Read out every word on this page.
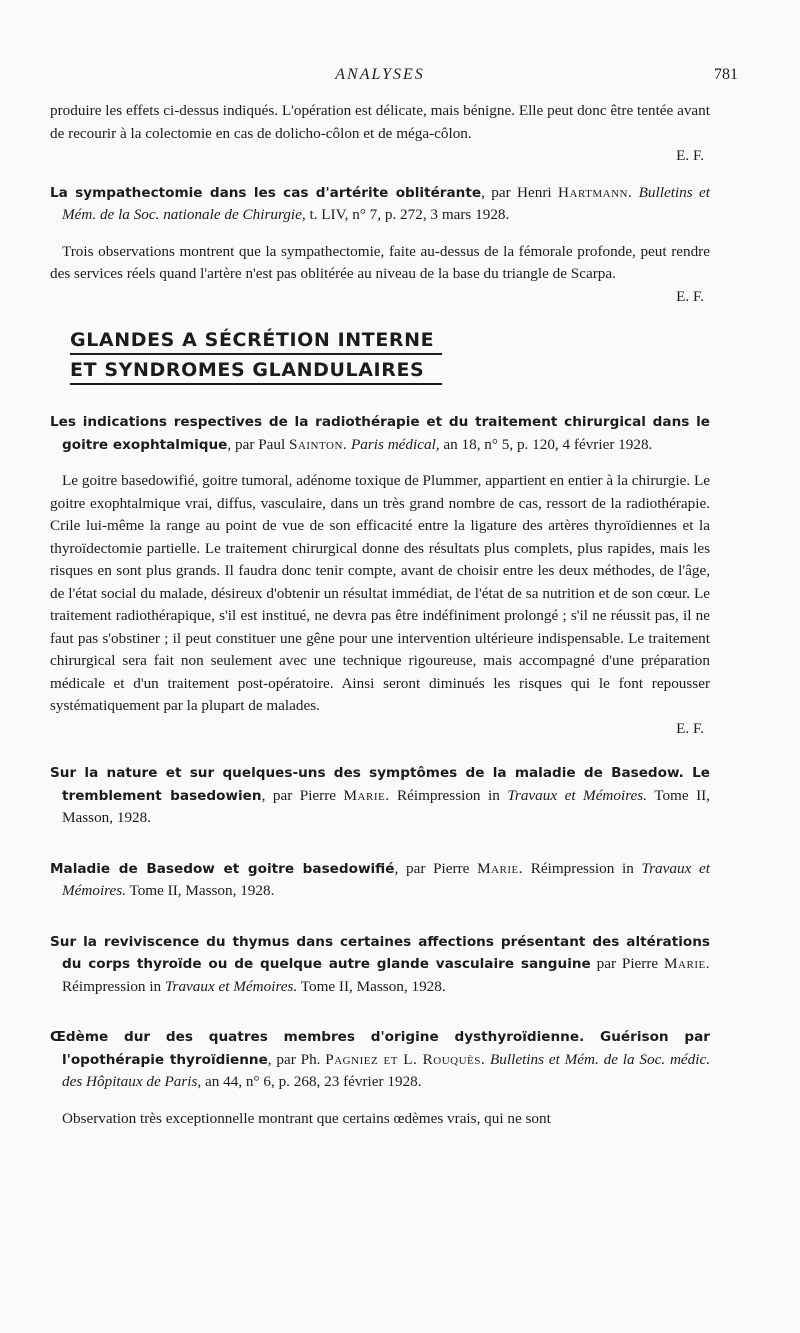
ANALYSES	781

produire les effets ci-dessus indiqués. L'opération est délicate, mais bénigne. Elle peut donc être tentée avant de recourir à la colectomie en cas de dolicho-côlon et de méga-côlon.

E. F.
La sympathectomie dans les cas d'artérite oblitérante, par Henri Hartmann. Bulletins et Mém. de la Soc. nationale de Chirurgie, t. LIV, n° 7, p. 272, 3 mars 1928.

Trois observations montrent que la sympathectomie, faite au-dessus de la fémorale profonde, peut rendre des services réels quand l'artère n'est pas oblitérée au niveau de la base du triangle de Scarpa.

E. F.
GLANDES A SÉCRÉTION INTERNE
ET SYNDROMES GLANDULAIRES
Les indications respectives de la radiothérapie et du traitement chirurgical dans le goitre exophtalmique, par Paul Sainton. Paris médical, an 18, n° 5, p. 120, 4 février 1928.

Le goitre basedowifié, goitre tumoral, adénome toxique de Plummer, appartient en entier à la chirurgie. Le goitre exophtalmique vrai, diffus, vasculaire, dans un très grand nombre de cas, ressort de la radiothérapie. Crile lui-même la range au point de vue de son efficacité entre la ligature des artères thyroïdiennes et la thyroïdectomie partielle. Le traitement chirurgical donne des résultats plus complets, plus rapides, mais les risques en sont plus grands. Il faudra donc tenir compte, avant de choisir entre les deux méthodes, de l'âge, de l'état social du malade, désireux d'obtenir un résultat immédiat, de l'état de sa nutrition et de son cœur. Le traitement radiothérapique, s'il est institué, ne devra pas être indéfiniment prolongé ; s'il ne réussit pas, il ne faut pas s'obstiner ; il peut constituer une gêne pour une intervention ultérieure indispensable. Le traitement chirurgical sera fait non seulement avec une technique rigoureuse, mais accompagné d'une préparation médicale et d'un traitement post-opératoire. Ainsi seront diminués les risques qui le font repousser systématiquement par la plupart de malades.

E. F.
Sur la nature et sur quelques-uns des symptômes de la maladie de Basedow. Le tremblement basedowien, par Pierre Marie. Réimpression in Travaux et Mémoires. Tome II, Masson, 1928.
Maladie de Basedow et goitre basedowifié, par Pierre Marie. Réimpression in Travaux et Mémoires. Tome II, Masson, 1928.
Sur la reviviscence du thymus dans certaines affections présentant des altérations du corps thyroïde ou de quelque autre glande vasculaire sanguine par Pierre Marie. Réimpression in Travaux et Mémoires. Tome II, Masson, 1928.
Œdème dur des quatres membres d'origine dysthyroïdienne. Guérison par l'opothérapie thyroïdienne, par Ph. Pagniez et L. Rouquès. Bulletins et Mém. de la Soc. médic. des Hôpitaux de Paris, an 44, n° 6, p. 268, 23 février 1928.

Observation très exceptionnelle montrant que certains œdèmes vrais, qui ne sont
